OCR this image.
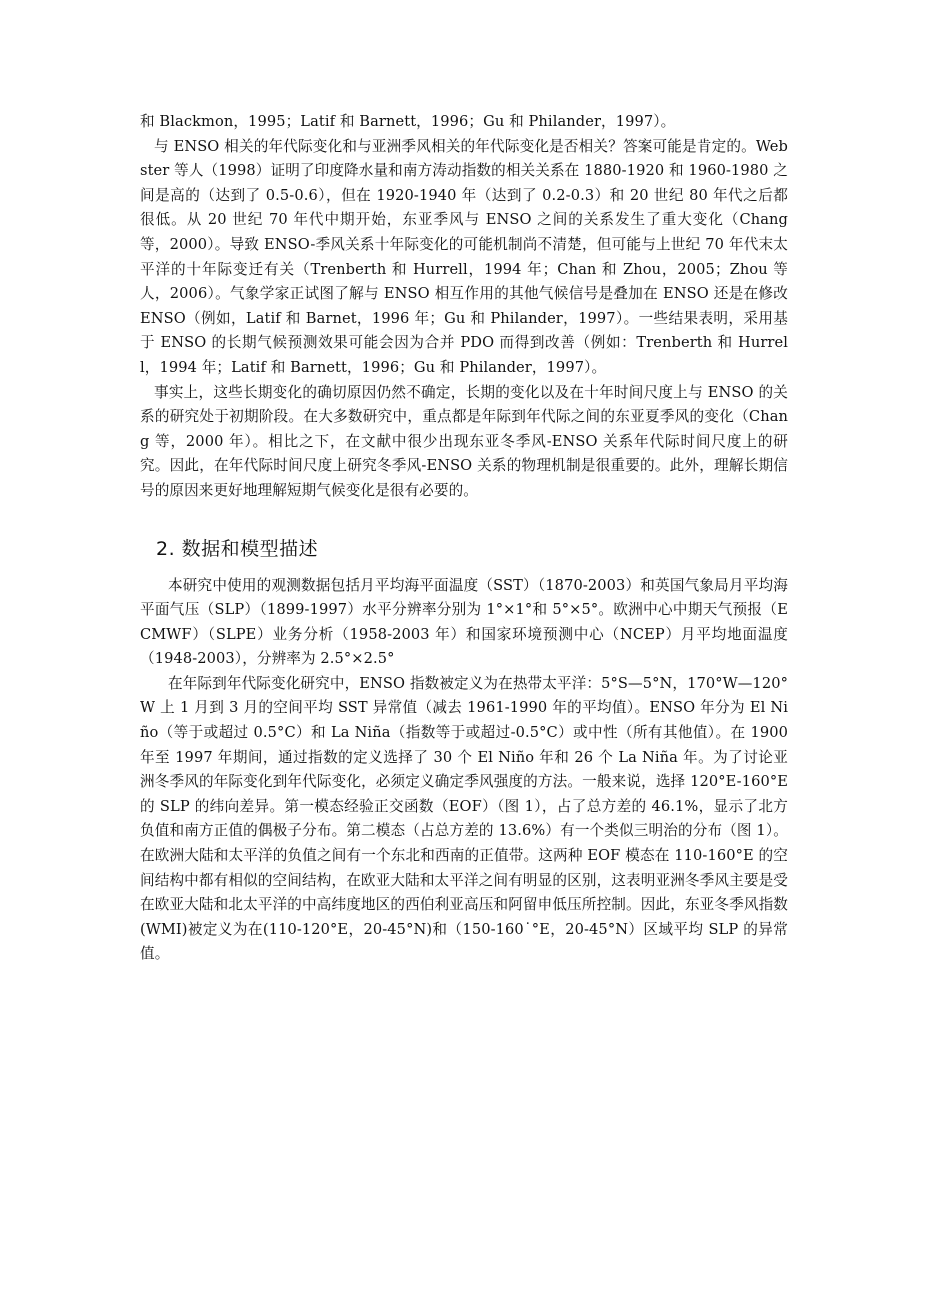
和 Blackmon，1995；Latif 和 Barnett，1996；Gu 和 Philander，1997）。

与 ENSO 相关的年代际变化和与亚洲季风相关的年代际变化是否相关？答案可能是肯定的。Webster 等人（1998）证明了印度降水量和南方涛动指数的相关关系在 1880-1920 和 1960-1980 之间是高的（达到了 0.5-0.6），但在 1920-1940 年（达到了 0.2-0.3）和 20 世纪 80 年代之后都很低。从 20 世纪 70 年代中期开始，东亚季风与 ENSO 之间的关系发生了重大变化（Chang 等，2000）。导致 ENSO-季风关系十年际变化的可能机制尚不清楚，但可能与上世纪 70 年代末太平洋的十年际变迁有关（Trenberth 和 Hurrell，1994 年；Chan 和 Zhou，2005；Zhou 等人，2006）。气象学家正试图了解与 ENSO 相互作用的其他气候信号是叠加在 ENSO 还是在修改 ENSO（例如，Latif 和 Barnet，1996 年；Gu 和 Philander，1997）。一些结果表明，采用基于 ENSO 的长期气候预测效果可能会因为合并 PDO 而得到改善（例如：Trenberth 和 Hurrell，1994 年；Latif 和 Barnett，1996；Gu 和 Philander，1997）。

事实上，这些长期变化的确切原因仍然不确定，长期的变化以及在十年时间尺度上与 ENSO 的关系的研究处于初期阶段。在大多数研究中，重点都是年际到年代际之间的东亚夏季风的变化（Chang 等，2000 年）。相比之下，在文献中很少出现东亚冬季风-ENSO 关系年代际时间尺度上的研究。因此，在年代际时间尺度上研究冬季风-ENSO 关系的物理机制是很重要的。此外，理解长期信号的原因来更好地理解短期气候变化是很有必要的。

2. 数据和模型描述

本研究中使用的观测数据包括月平均海平面温度（SST）（1870-2003）和英国气象局月平均海平面气压（SLP）（1899-1997）水平分辨率分别为 1°×1°和 5°×5°。欧洲中心中期天气预报（ECMWF）（SLPE）业务分析（1958-2003 年）和国家环境预测中心（NCEP）月平均地面温度（1948-2003），分辨率为 2.5°×2.5°

在年际到年代际变化研究中，ENSO 指数被定义为在热带太平洋：5°S—5°N，170°W—120°W 上 1 月到 3 月的空间平均 SST 异常值（减去 1961-1990 年的平均值）。ENSO 年分为 El Niño（等于或超过 0.5°C）和 La Niña（指数等于或超过-0.5°C）或中性（所有其他值）。在 1900 年至 1997 年期间，通过指数的定义选择了 30 个 El Niño 年和 26 个 La Niña 年。为了讨论亚洲冬季风的年际变化到年代际变化，必须定义确定季风强度的方法。一般来说，选择 120°E-160°E 的 SLP 的纬向差异。第一模态经验正交函数（EOF）（图 1），占了总方差的 46.1%，显示了北方负值和南方正值的偶极子分布。第二模态（占总方差的 13.6%）有一个类似三明治的分布（图 1）。在欧洲大陆和太平洋的负值之间有一个东北和西南的正值带。这两种 EOF 模态在 110-160°E 的空间结构中都有相似的空间结构，在欧亚大陆和太平洋之间有明显的区别，这表明亚洲冬季风主要是受在欧亚大陆和北太平洋的中高纬度地区的西伯利亚高压和阿留申低压所控制。因此，东亚冬季风指数(WMI)被定义为在(110-120°E，20-45°N)和（150-160˙°E，20-45°N）区域平均 SLP 的异常值。
